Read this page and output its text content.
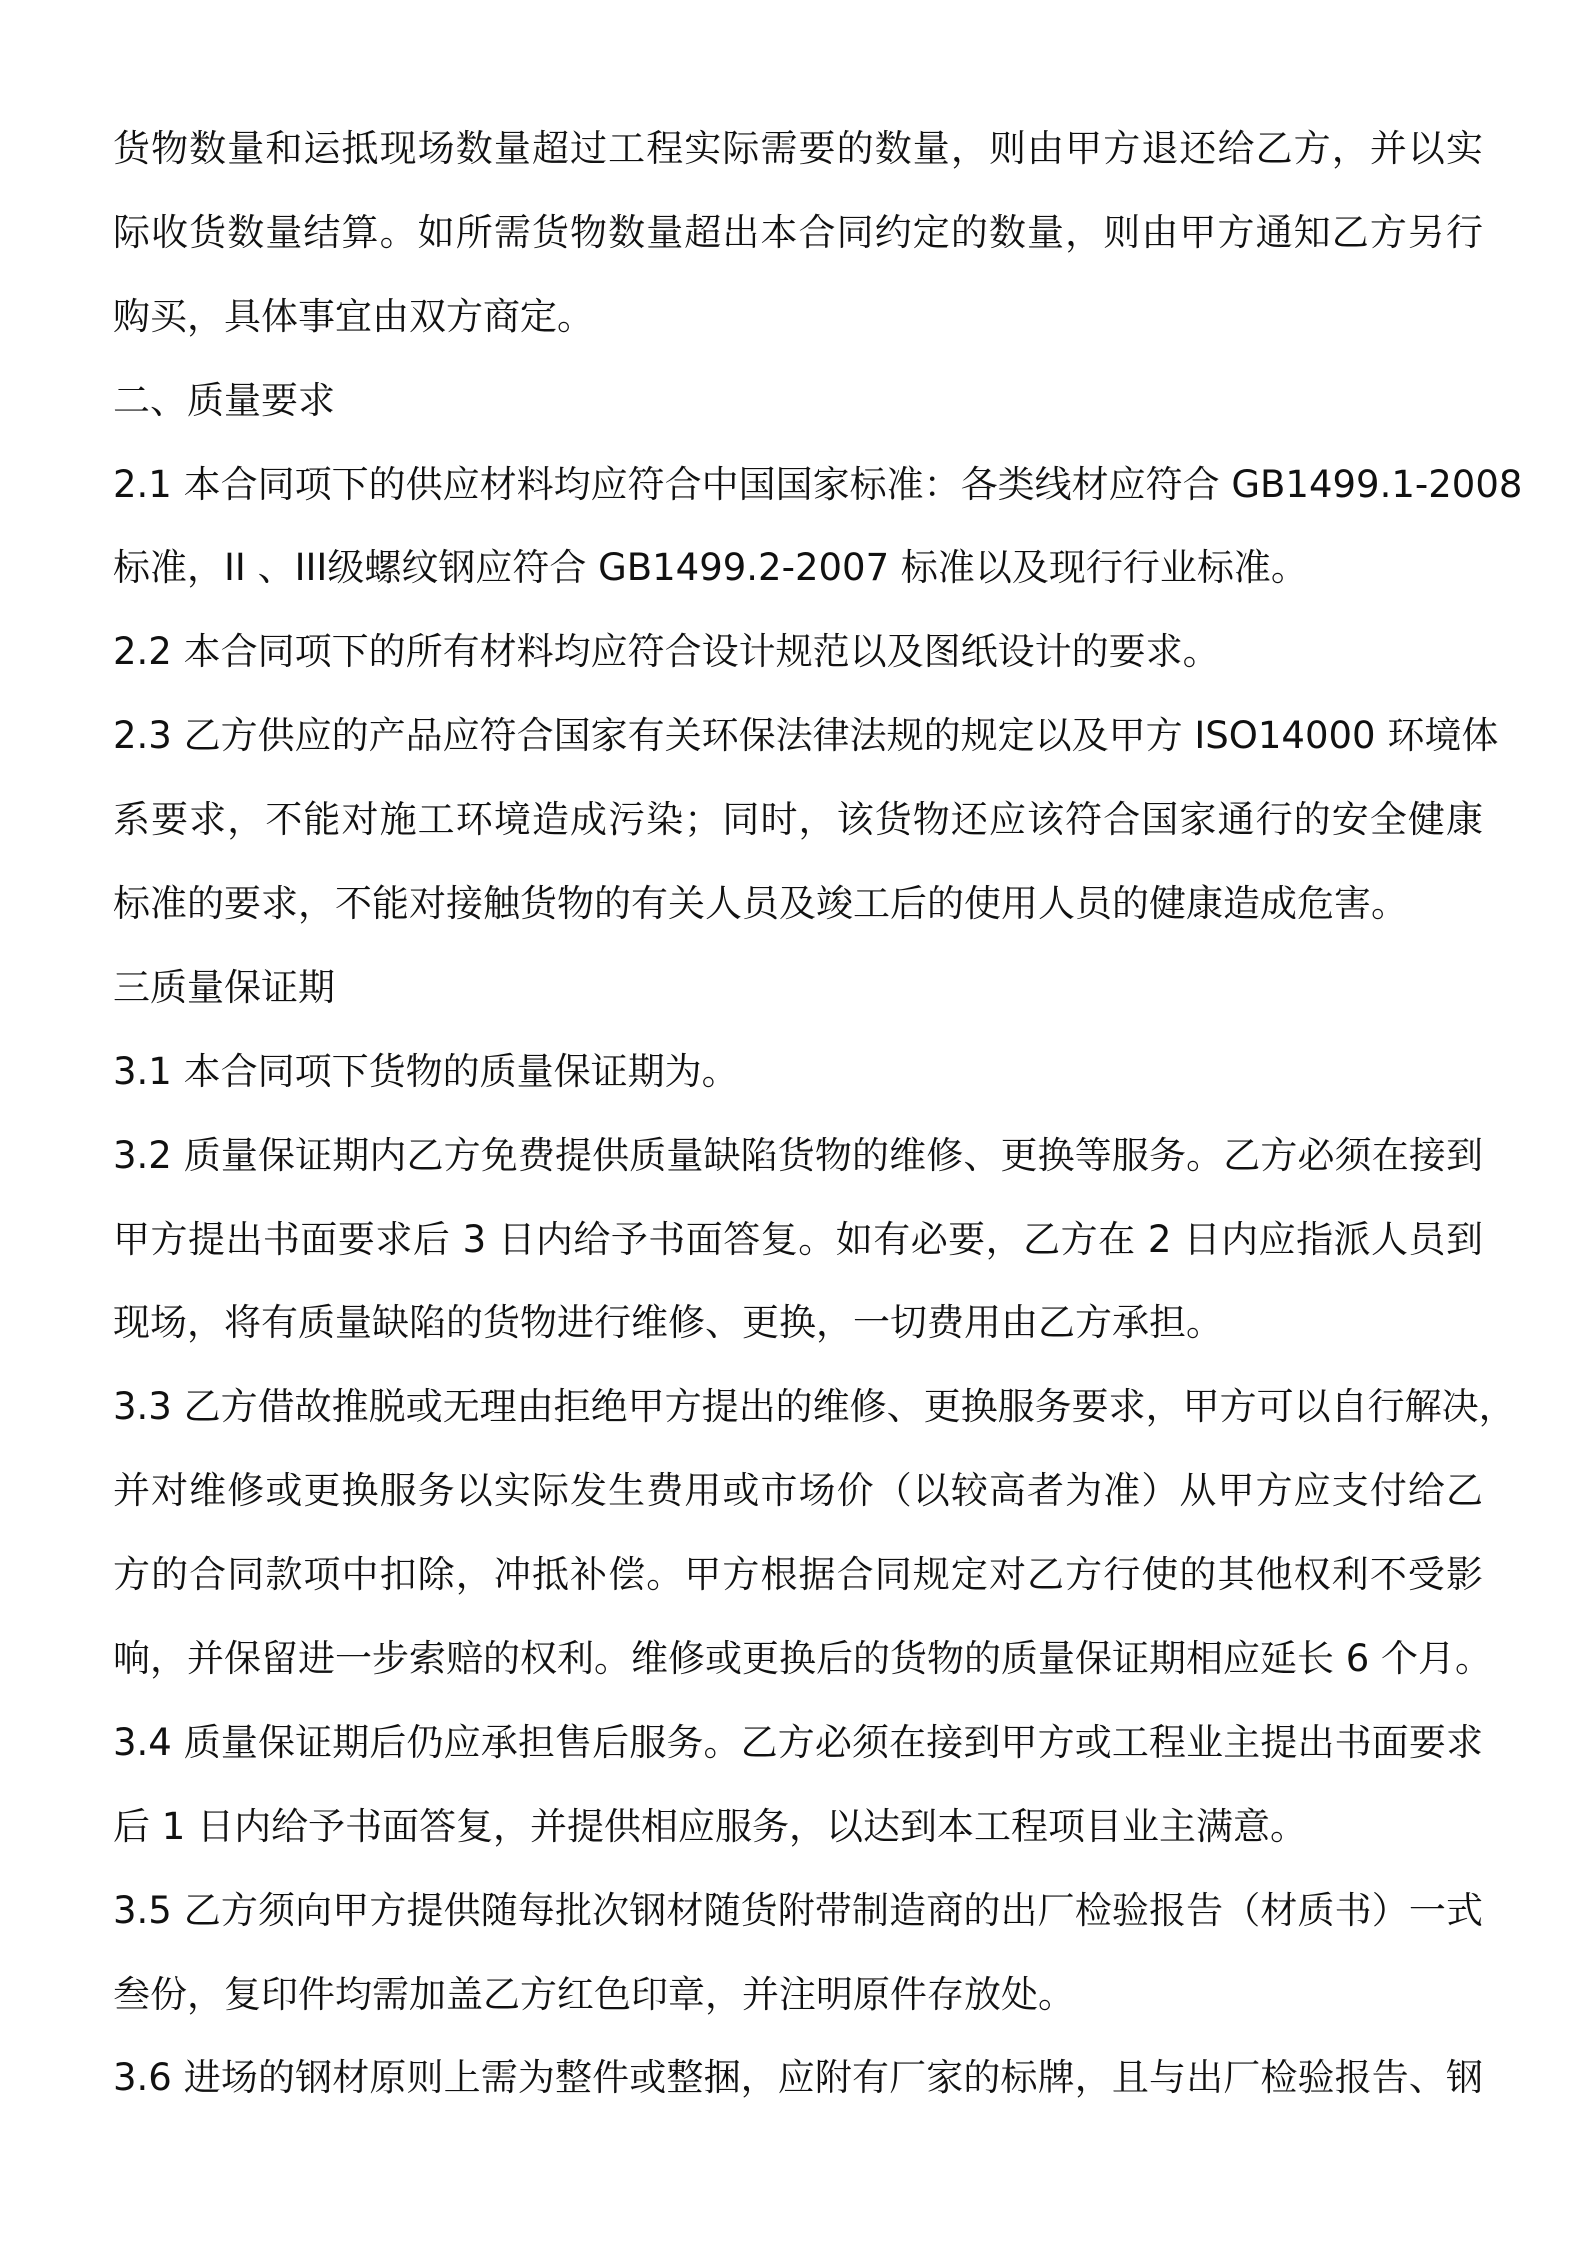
货物数量和运抵现场数量超过工程实际需要的数量，则由甲方退还给乙方，并以实
际收货数量结算。如所需货物数量超出本合同约定的数量，则由甲方通知乙方另行
购买，具体事宜由双方商定。
二、质量要求
2.1 本合同项下的供应材料均应符合中国国家标准：各类线材应符合 GB1499.1-2008
标准，II 、III级螺纹钢应符合 GB1499.2-2007 标准以及现行行业标准。
2.2 本合同项下的所有材料均应符合设计规范以及图纸设计的要求。
2.3 乙方供应的产品应符合国家有关环保法律法规的规定以及甲方 ISO14000 环境体
系要求，不能对施工环境造成污染；同时，该货物还应该符合国家通行的安全健康
标准的要求，不能对接触货物的有关人员及竣工后的使用人员的健康造成危害。
三质量保证期
3.1 本合同项下货物的质量保证期为。
3.2 质量保证期内乙方免费提供质量缺陷货物的维修、更换等服务。乙方必须在接到
甲方提出书面要求后 3 日内给予书面答复。如有必要，乙方在 2 日内应指派人员到
现场，将有质量缺陷的货物进行维修、更换，一切费用由乙方承担。
3.3 乙方借故推脱或无理由拒绝甲方提出的维修、更换服务要求，甲方可以自行解决，
并对维修或更换服务以实际发生费用或市场价（以较高者为准）从甲方应支付给乙
方的合同款项中扣除，冲抵补偿。甲方根据合同规定对乙方行使的其他权利不受影
响，并保留进一步索赔的权利。维修或更换后的货物的质量保证期相应延长 6 个月。
3.4 质量保证期后仍应承担售后服务。乙方必须在接到甲方或工程业主提出书面要求
后 1 日内给予书面答复，并提供相应服务，以达到本工程项目业主满意。
3.5 乙方须向甲方提供随每批次钢材随货附带制造商的出厂检验报告（材质书）一式
叁份，复印件均需加盖乙方红色印章，并注明原件存放处。
3.6 进场的钢材原则上需为整件或整捆，应附有厂家的标牌，且与出厂检验报告、钢
